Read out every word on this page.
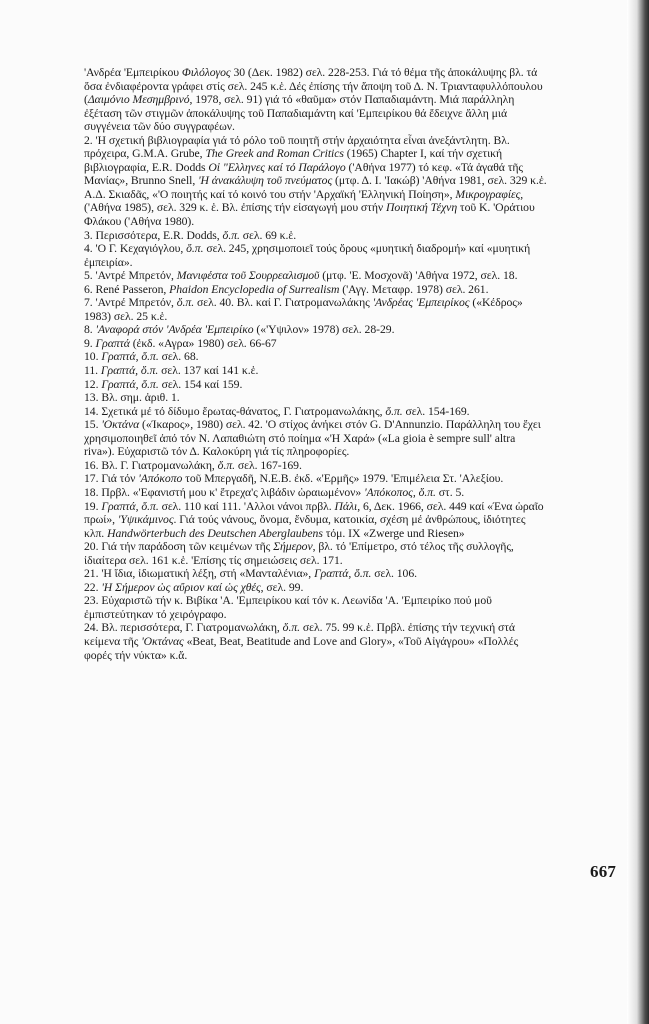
'Ανδρέα 'Εμπειρίκου Φιλόλογος 30 (Δεκ. 1982) σελ. 228-253. Γιά τό θέμα τῆς ἀποκάλυψης βλ. τά ὅσα ἐνδιαφέροντα γράφει στίς σελ. 245 κ.ἑ. Δές ἐπίσης τήν ἄποψη τοῦ Δ. Ν. Τριανταφυλλόπουλου (Δαιμόνιο Μεσημβρινό, 1978, σελ. 91) γιά τό «θαῦμα» στόν Παπαδιαμάντη. Μιά παράλληλη ἐξέταση τῶν στιγμῶν ἀποκάλυψης τοῦ Παπαδιαμάντη καί 'Εμπειρίκου θά ἔδειχνε ἄλλη μιά συγγένεια τῶν δύο συγγραφέων.

2. 'Η σχετική βιβλιογραφία γιά τό ρόλο τοῦ ποιητῆ στήν ἀρχαιότητα εἶναι ἀνεξάντλητη. Βλ. πρόχειρα, G.M.A. Grube, The Greek and Roman Critics (1965) Chapter I, καί τήν σχετική βιβλιογραφία, E.R. Dodds Οἱ "Ελληνες καί τό Παράλογο ('Αθήνα 1977) τό κεφ. «Τά ἀγαθά τῆς Μανίας», Brunno Snell, 'Η ἀνακάλυψη τοῦ πνεύματος (μτφ. Δ. Ι. 'Ιακώβ) 'Αθήνα 1981, σελ. 329 κ.ἑ. Α.Δ. Σκιαδᾶς, «'Ο ποιητής καί τό κοινό του στήν 'Αρχαϊκή 'Ελληνική Ποίηση», Μικρογραφίες, ('Αθήνα 1985), σελ. 329 κ. ἑ. Βλ. ἐπίσης τήν εἰσαγωγή μου στήν Ποιητική Τέχνη τοῦ Κ. 'Οράτιου Φλάκου ('Αθήνα 1980).

3. Περισσότερα, E.R. Dodds, ὅ.π. σελ. 69 κ.ἑ.

4. 'Ο Γ. Κεχαγιόγλου, ὅ.π. σελ. 245, χρησιμοποιεῖ τούς ὅρους «μυητική διαδρομή» καί «μυητική ἐμπειρία».

5. 'Αντρέ Μπρετόν, Μανιφέστα τοῦ Σουρρεαλισμοῦ (μτφ. 'Ε. Μοσχονᾶ) 'Αθήνα 1972, σελ. 18.

6. René Passeron, Phaidon Encyclopedia of Surrealism ('Αγγ. Μεταφρ. 1978) σελ. 261.

7. 'Αντρέ Μπρετόν, ὅ.π. σελ. 40. Βλ. καί Γ. Γιατρομανωλάκης 'Ανδρέας 'Εμπειρίκος («Κέδρος» 1983) σελ. 25 κ.ἑ.

8. 'Αναφορά στόν 'Ανδρέα 'Εμπειρίκο («'Υψιλον» 1978) σελ. 28-29.

9. Γραπτά (ἐκδ. «Αγρα» 1980) σελ. 66-67

10. Γραπτά, ὅ.π. σελ. 68.

11. Γραπτά, ὅ.π. σελ. 137 καί 141 κ.ἑ.

12. Γραπτά, ὅ.π. σελ. 154 καί 159.

13. Βλ. σημ. ἀριθ. 1.

14. Σχετικά μέ τό δίδυμο ἔρωτας-θάνατος, Γ. Γιατρομανωλάκης, ὅ.π. σελ. 154-169.

15. 'Οκτάνα («Ίκαρος», 1980) σελ. 42. 'Ο στίχος ἀνήκει στόν G. D'Annunzio. Παράλληλη του ἔχει χρησιμοποιηθεῖ ἀπό τόν Ν. Λαπαθιώτη στό ποίημα «'Η Χαρά» («La gioia è sempre sull' altra riva»). Εὐχαριστῶ τόν Δ. Καλοκύρη γιά τίς πληροφορίες.

16. Βλ. Γ. Γιατρομανωλάκη, ὅ.π. σελ. 167-169.

17. Γιά τόν 'Απόκοπο τοῦ Μπεργαδῆ, Ν.Ε.Β. ἐκδ. «'Ερμῆς» 1979. 'Επιμέλεια Στ. 'Αλεξίου.

18. Πρβλ. «'Εφανιστή μου κ' ἔτρεχα'ς λιβάδιν ὡραιωμένον» 'Απόκοπος, ὅ.π. στ. 5.

19. Γραπτά, ὅ.π. σελ. 110 καί 111. 'Αλλοι νάνοι πρβλ. Πάλι, 6, Δεκ. 1966, σελ. 449 καί «Ένα ὡραῖο πρωί», 'Υψικάμινος. Γιά τούς νάνους, ὄνομα, ἔνδυμα, κατοικία, σχέση μέ ἀνθρώπους, ἰδιότητες κλπ. Handwörterbuch des Deutschen Aberglaubens τόμ. IX «Zwerge und Riesen»

20. Γιά τήν παράδοση τῶν κειμένων τῆς Σήμερον, βλ. τό 'Επίμετρο, στό τέλος τῆς συλλογῆς, ἰδιαίτερα σελ. 161 κ.ἑ. 'Επίσης τίς σημειώσεις σελ. 171.

21. 'Η ἴδια, ἰδιωματική λέξη, στή «Μανταλένια», Γραπτά, ὅ.π. σελ. 106.

22. 'Η Σήμερον ὡς αὔριον καί ὡς χθές, σελ. 99.

23. Εὐχαριστῶ τήν κ. Βιβίκα 'Α. 'Εμπειρίκου καί τόν κ. Λεωνίδα 'Α. 'Εμπειρίκο πού μοῦ ἐμπιστεύτηκαν τό χειρόγραφο.

24. Βλ. περισσότερα, Γ. Γιατρομανωλάκη, ὅ.π. σελ. 75. 99 κ.ἑ. Πρβλ. ἐπίσης τήν τεχνική στά κείμενα τῆς 'Οκτάνας «Beat, Beat, Beatitude and Love and Glory», «Τοῦ Αἰγάγρου» «Πολλές φορές τήν νύκτα» κ.ἄ.

667
